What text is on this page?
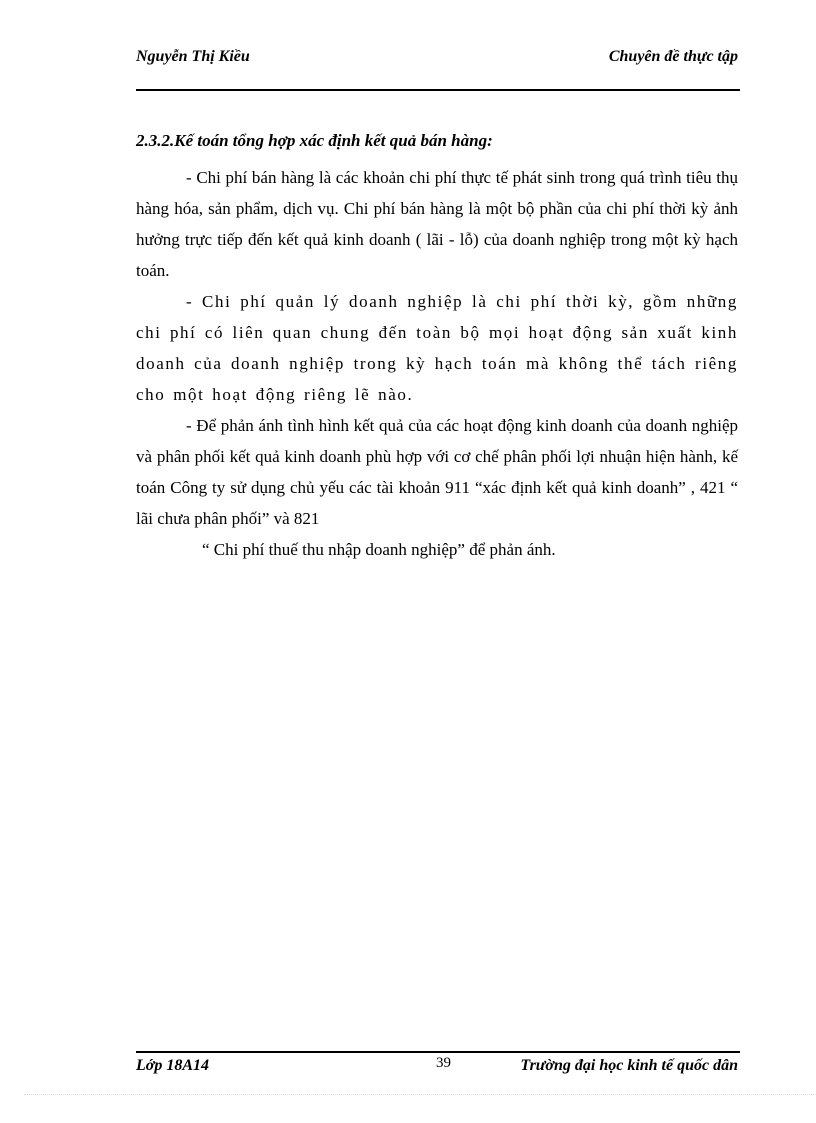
Nguyễn Thị Kiều	Chuyên đề thực tập

2.3.2.Kế toán tổng hợp xác định kết quả bán hàng:

- Chi phí bán hàng là các khoản chi phí thực tế phát sinh trong quá trình tiêu thụ hàng hóa, sản phẩm, dịch vụ. Chi phí bán hàng là một bộ phần của chi phí thời kỳ ảnh hưởng trực tiếp đến kết quả kinh doanh ( lãi - lỗ) của doanh nghiệp trong một kỳ hạch toán.

- Chi phí quản lý doanh nghiệp là chi phí thời kỳ, gồm những chi phí có liên quan chung đến toàn bộ mọi hoạt động sản xuất kinh doanh của doanh nghiệp trong kỳ hạch toán mà không thể tách riêng cho một hoạt động riêng lẽ nào.

- Để phản ánh tình hình kết quả của các hoạt động kinh doanh của doanh nghiệp và phân phối kết quả kinh doanh phù hợp với cơ chế phân phối lợi nhuận hiện hành, kế toán Công ty sử dụng chủ yếu các tài khoản 911 “xác định kết quả kinh doanh” , 421 “ lãi chưa phân phối” và 821

“ Chi phí thuế thu nhập doanh nghiệp” để phản ánh.

Lớp 18A14	39	Trường đại học kinh tế quốc dân
